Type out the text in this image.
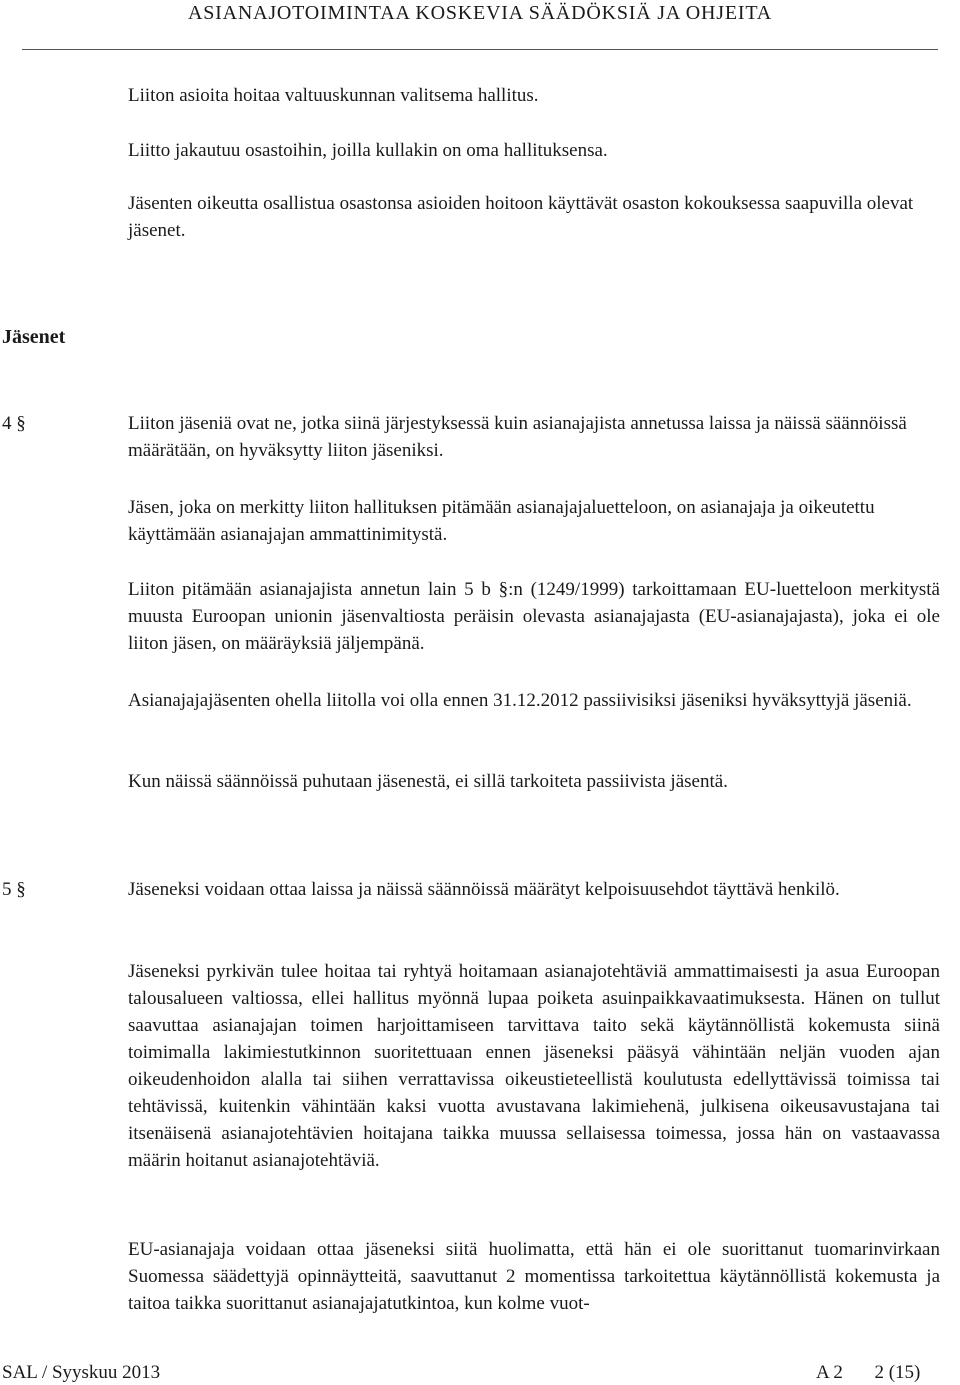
ASIANAJOTOIMINTAA KOSKEVIA SÄÄDÖKSIÄ JA OHJEITA

Liiton asioita hoitaa valtuuskunnan valitsema hallitus.

Liitto jakautuu osastoihin, joilla kullakin on oma hallituksensa.

Jäsenten oikeutta osallistua osastonsa asioiden hoitoon käyttävät osaston kokouksessa saapuvilla olevat jäsenet.

Jäsenet
4 §	Liiton jäseniä ovat ne, jotka siinä järjestyksessä kuin asianajajista annetussa laissa ja näissä säännöissä määrätään, on hyväksytty liiton jäseniksi.

Jäsen, joka on merkitty liiton hallituksen pitämään asianajajaluetteloon, on asianajaja ja oikeutettu käyttämään asianajajan ammattinimitystä.

Liiton pitämään asianajajista annetun lain 5 b §:n (1249/1999) tarkoittamaan EU-luetteloon merkitystä muusta Euroopan unionin jäsenvaltiosta peräisin olevasta asianajajasta (EU-asianajajasta), joka ei ole liiton jäsen, on määräyksiä jäljempänä.

Asianajajajäsenten ohella liitolla voi olla ennen 31.12.2012 passiivisiksi jäseniksi hyväksyttyjä jäseniä.

Kun näissä säännöissä puhutaan jäsenestä, ei sillä tarkoiteta passiivista jäsentä.

5 §	Jäseneksi voidaan ottaa laissa ja näissä säännöissä määrätyt kelpoisuusehdot täyttävä henkilö.

Jäseneksi pyrkivän tulee hoitaa tai ryhtyä hoitamaan asianajotehtäviä ammattimaisesti ja asua Euroopan talousalueen valtiossa, ellei hallitus myönnä lupaa poiketa asuinpaikkavaatimuksesta. Hänen on tullut saavuttaa asianajajan toimen harjoittamiseen tarvittava taito sekä käytännöllistä kokemusta siinä toimimalla lakimiestutkinnon suoritettuaan ennen jäseneksi pääsyä vähintään neljän vuoden ajan oikeudenhoidon alalla tai siihen verrattavissa oikeustieteellistä koulutusta edellyttävissä toimissa tai tehtävissä, kuitenkin vähintään kaksi vuotta avustavana lakimiehenä, julkisena oikeusavustajana tai itsenäisenä asianajotehtävien hoitajana taikka muussa sellaisessa toimessa, jossa hän on vastaavassa määrin hoitanut asianajotehtäviä.

EU-asianajaja voidaan ottaa jäseneksi siitä huolimatta, että hän ei ole suorittanut tuomarinvirkaan Suomessa säädettyjä opinnäytteitä, saavuttanut 2 momentissa tarkoitettua käytännöllistä kokemusta ja taitoa taikka suorittanut asianajajatutkintoa, kun kolme vuot-

SAL / Syyskuu 2013	A 2 2 (15)
